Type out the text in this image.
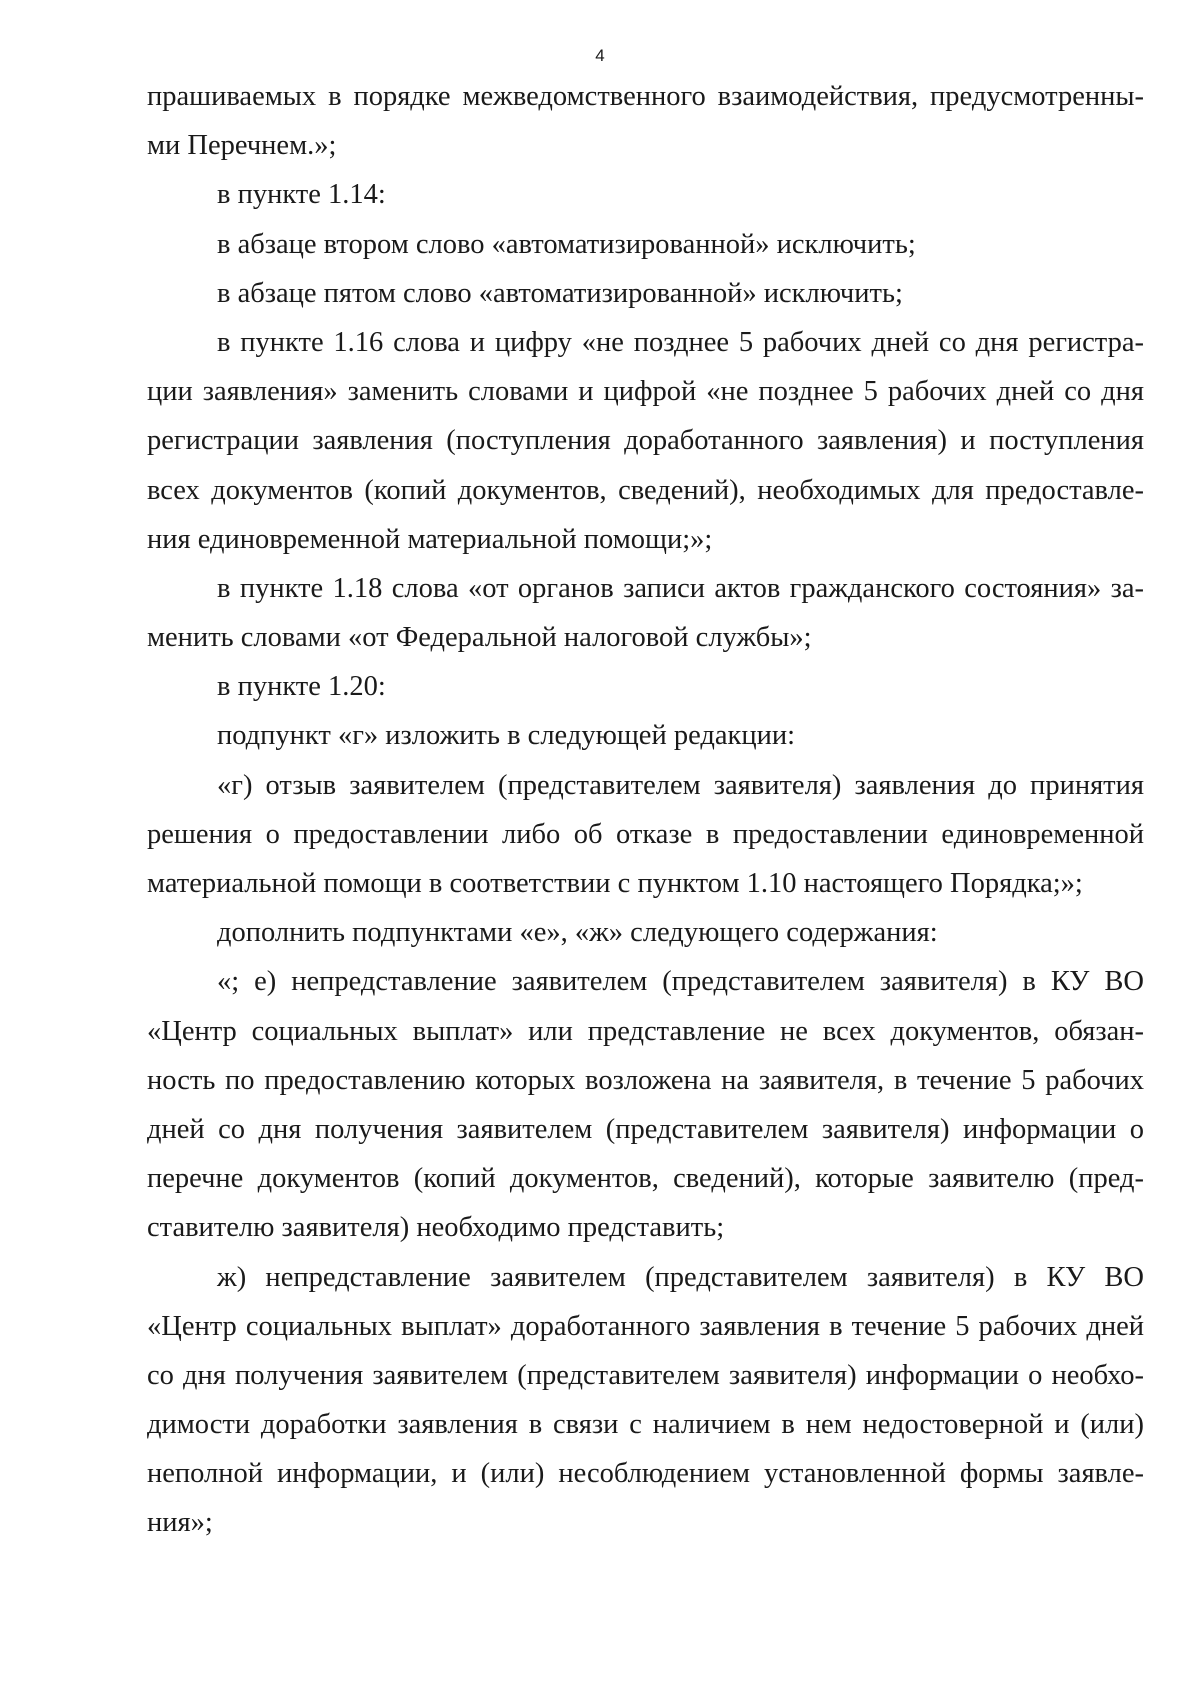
4
прашиваемых в порядке межведомственного взаимодействия, предусмотренны-
ми Перечнем.»;
в пункте 1.14:
в абзаце втором слово «автоматизированной» исключить;
в абзаце пятом слово «автоматизированной» исключить;
в пункте 1.16 слова и цифру «не позднее 5 рабочих дней со дня регистра-
ции заявления» заменить словами и цифрой «не позднее 5 рабочих дней со дня
регистрации заявления (поступления доработанного заявления) и поступления
всех документов (копий документов, сведений), необходимых для предоставле-
ния единовременной материальной помощи;»;
в пункте 1.18 слова «от органов записи актов гражданского состояния» за-
менить словами «от Федеральной налоговой службы»;
в пункте 1.20:
подпункт «г» изложить в следующей редакции:
«г) отзыв заявителем (представителем заявителя) заявления до принятия
решения о предоставлении либо об отказе в предоставлении единовременной
материальной помощи в соответствии с пунктом 1.10 настоящего Порядка;»;
дополнить подпунктами «е», «ж» следующего содержания:
«; е) непредставление заявителем (представителем заявителя) в КУ ВО
«Центр социальных выплат» или представление не всех документов, обязан-
ность по предоставлению которых возложена на заявителя, в течение 5 рабочих
дней со дня получения заявителем (представителем заявителя) информации о
перечне документов (копий документов, сведений), которые заявителю (пред-
ставителю заявителя) необходимо представить;
ж) непредставление заявителем (представителем заявителя) в КУ ВО
«Центр социальных выплат» доработанного заявления в течение 5 рабочих дней
со дня получения заявителем (представителем заявителя) информации о необхо-
димости доработки заявления в связи с наличием в нем недостоверной и (или)
неполной информации, и (или) несоблюдением установленной формы заявле-
ния»;
